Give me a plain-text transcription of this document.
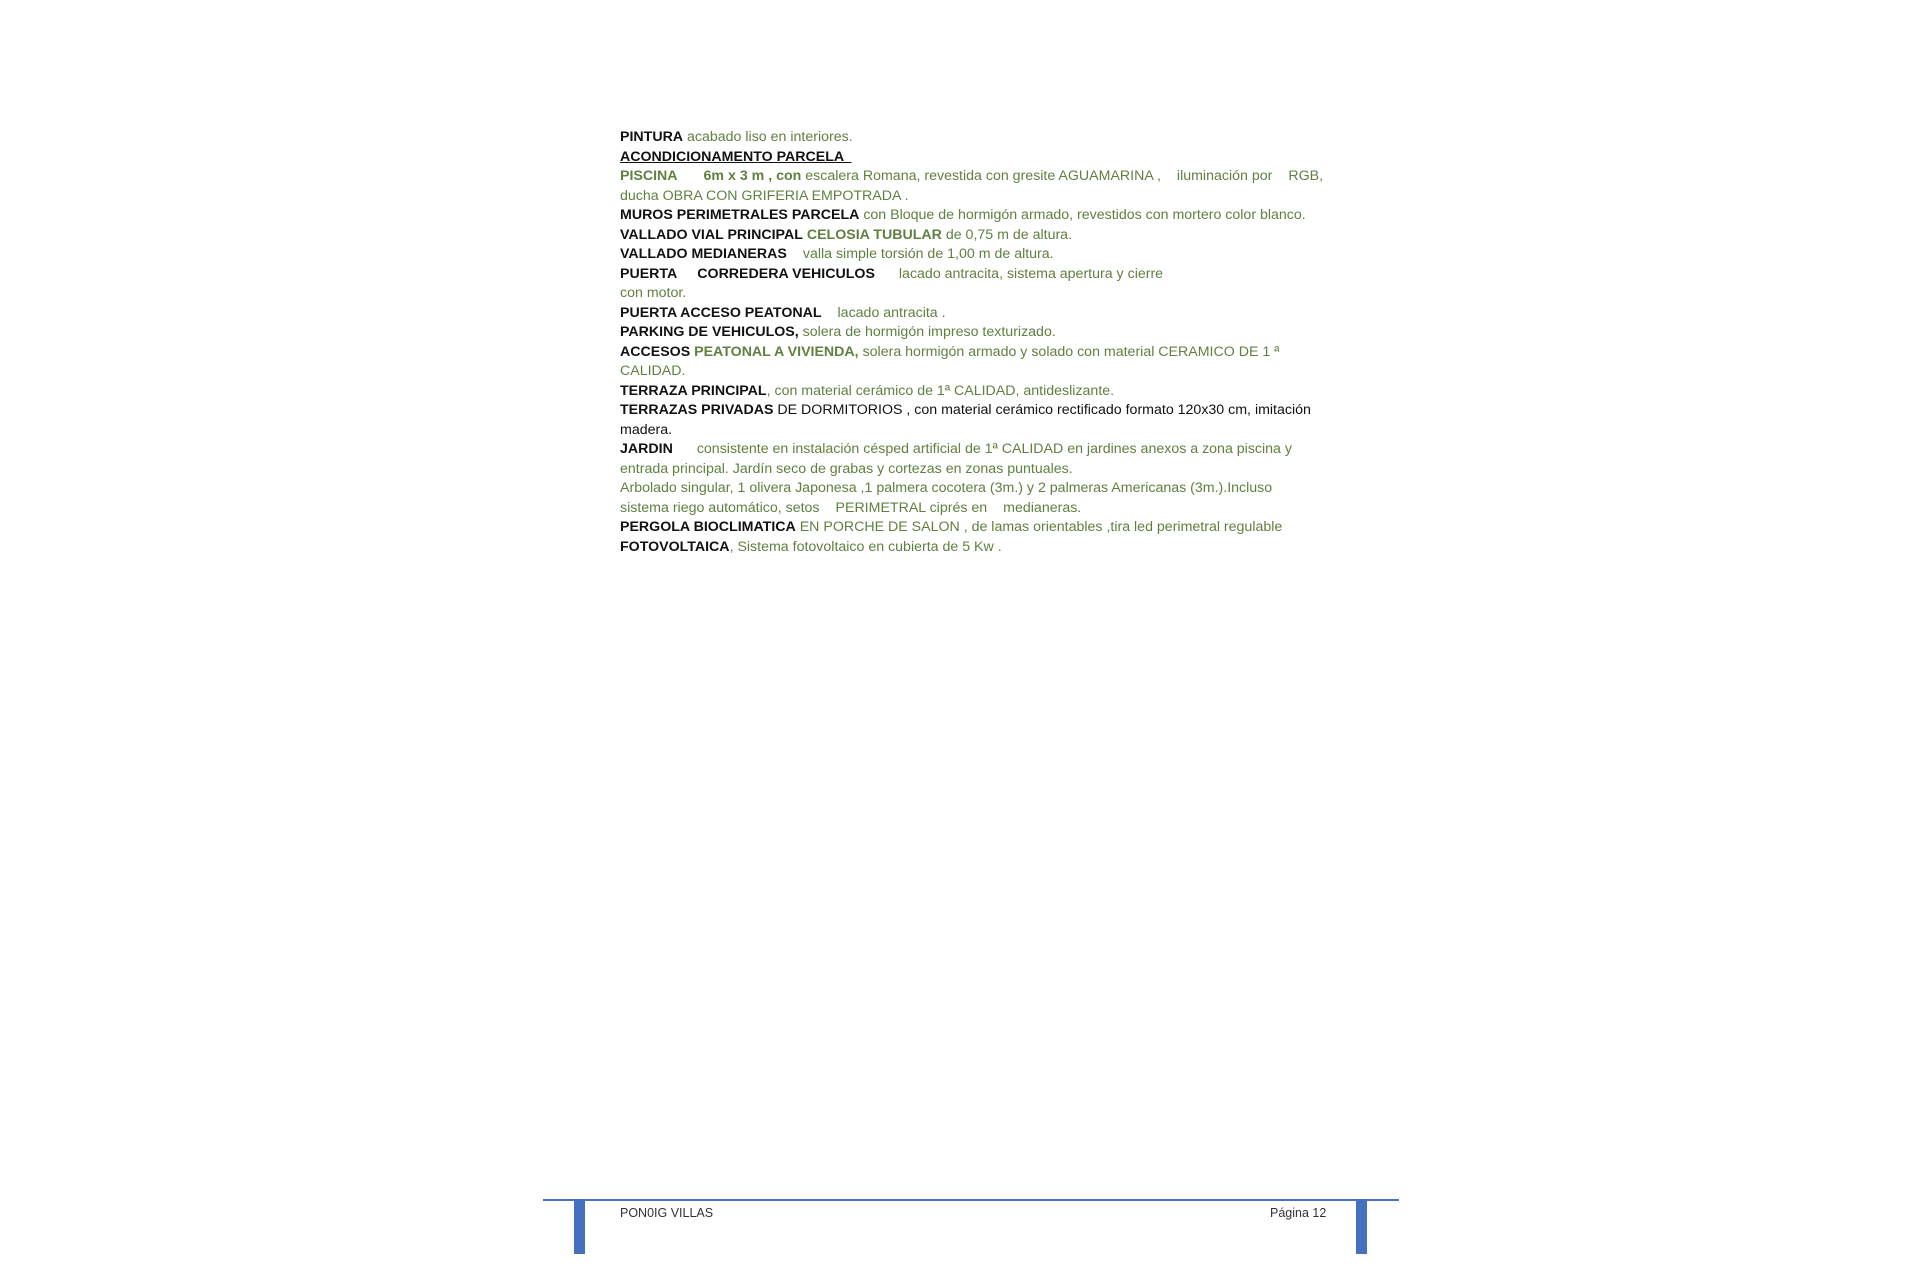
PINTURA acabado liso en interiores.

ACONDICIONAMENTO PARCELA

PISCINA 6m x 3 m , con escalera Romana, revestida con gresite AGUAMARINA , iluminación por RGB,
ducha OBRA CON GRIFERIA EMPOTRADA .

MUROS PERIMETRALES PARCELA con Bloque de hormigón armado, revestidos con mortero color blanco.

VALLADO VIAL PRINCIPAL CELOSIA TUBULAR de 0,75 m de altura.
VALLADO MEDIANERAS valla simple torsión de 1,00 m de altura.

PUERTA CORREDERA VEHICULOS lacado antracita, sistema apertura y cierre
con motor.

PUERTA ACCESO PEATONAL lacado antracita .

PARKING DE VEHICULOS, solera de hormigón impreso texturizado.

ACCESOS PEATONAL A VIVIENDA, solera hormigón armado y solado con material CERAMICO DE 1 ª CALIDAD.

TERRAZA PRINCIPAL, con material cerámico de 1ª CALIDAD, antideslizante.
TERRAZAS PRIVADAS DE DORMITORIOS , con material cerámico rectificado formato 120x30 cm, imitación
madera.

JARDIN consistente en instalación césped artificial de 1ª CALIDAD en jardines anexos a zona piscina y
entrada principal. Jardín seco de grabas y cortezas en zonas puntuales.
Arbolado singular, 1 olivera Japonesa ,1 palmera cocotera (3m.) y 2 palmeras Americanas (3m.).Incluso
sistema riego automático, setos PERIMETRAL ciprés en medianeras.

PERGOLA BIOCLIMATICA EN PORCHE DE SALON , de lamas orientables ,tira led perimetral regulable

FOTOVOLTAICA, Sistema fotovoltaico en cubierta de 5 Kw .

PON0IG VILLAS	Página 12
